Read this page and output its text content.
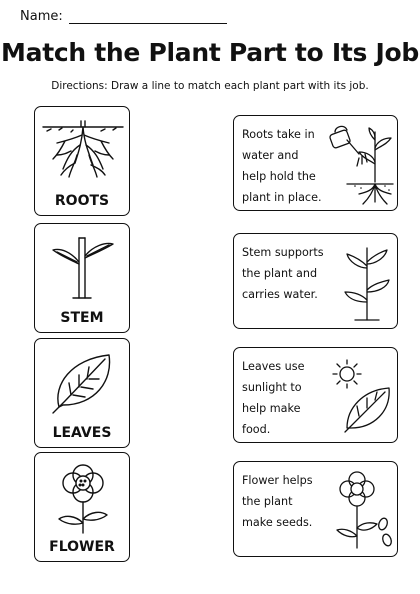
Name:
Match the Plant Part to Its Job
Directions: Draw a line to match each plant part with its job.
ROOTS
STEM
LEAVES
FLOWER
Roots take in water and help hold the plant in place.
Stem supports the plant and carries water.
Leaves use sunlight to help make food.
Flower helps the plant make seeds.
